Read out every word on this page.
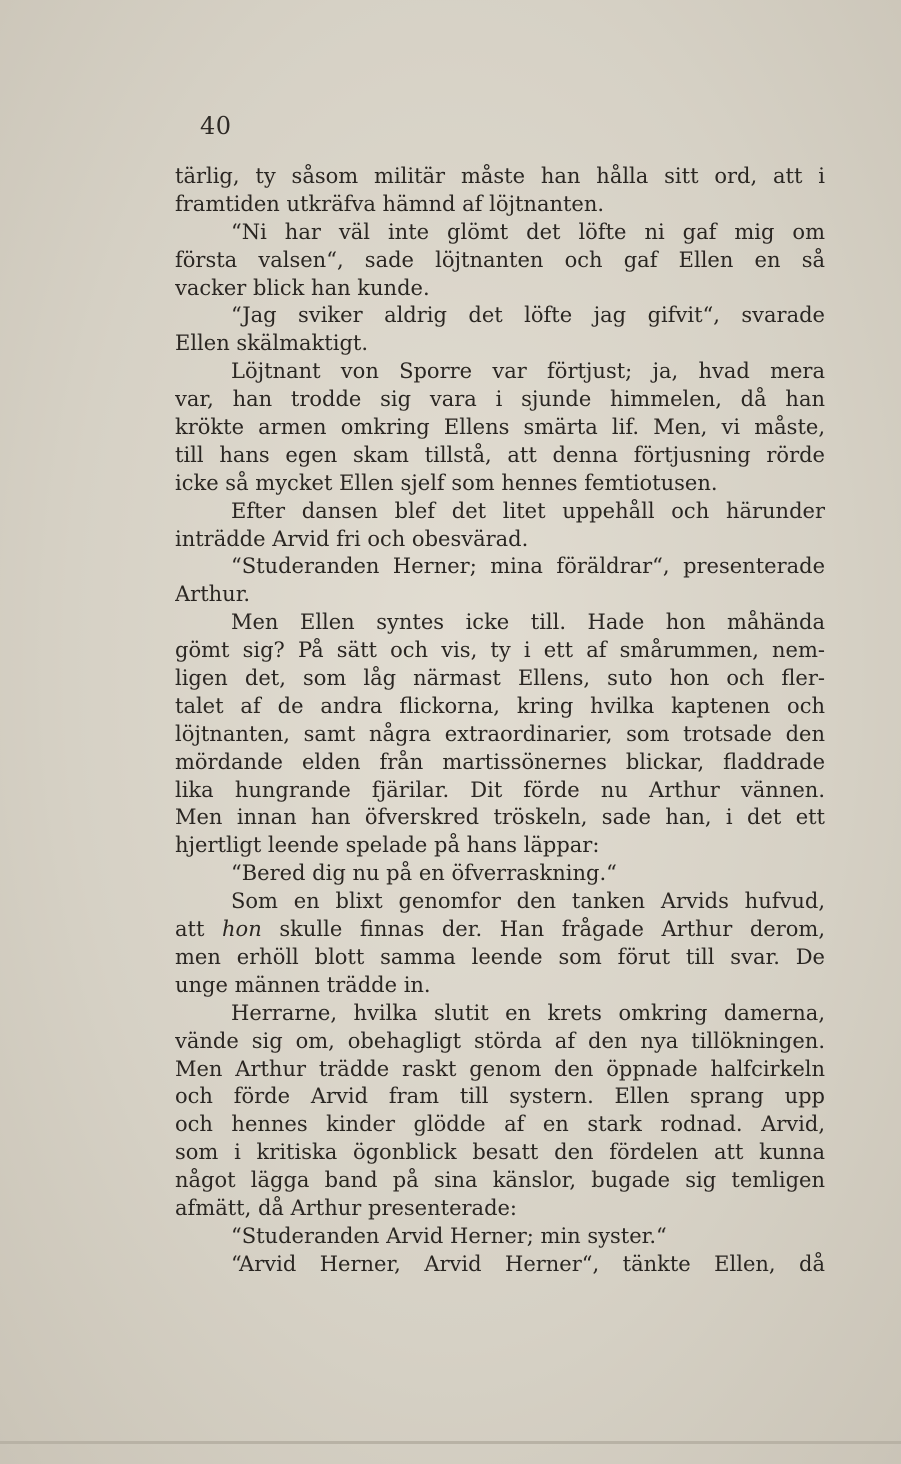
40
tärlig, ty såsom militär måste han hålla sitt ord, att i
framtiden utkräfva hämnd af löjtnanten.
“Ni har väl inte glömt det löfte ni gaf mig om
första valsen“, sade löjtnanten och gaf Ellen en så
vacker blick han kunde.
“Jag sviker aldrig det löfte jag gifvit“, svarade
Ellen skälmaktigt.
Löjtnant von Sporre var förtjust; ja, hvad mera
var, han trodde sig vara i sjunde himmelen, då han
krökte armen omkring Ellens smärta lif. Men, vi måste,
till hans egen skam tillstå, att denna förtjusning rörde
icke så mycket Ellen sjelf som hennes femtiotusen.
Efter dansen blef det litet uppehåll och härunder
inträdde Arvid fri och obesvärad.
“Studeranden Herner; mina föräldrar“, presenterade
Arthur.
Men Ellen syntes icke till. Hade hon måhända
gömt sig? På sätt och vis, ty i ett af smårummen, nem-
ligen det, som låg närmast Ellens, suto hon och fler-
talet af de andra flickorna, kring hvilka kaptenen och
löjtnanten, samt några extraordinarier, som trotsade den
mördande elden från martissönernes blickar, fladdrade
lika hungrande fjärilar. Dit förde nu Arthur vännen.
Men innan han öfverskred tröskeln, sade han, i det ett
hjertligt leende spelade på hans läppar:
“Bered dig nu på en öfverraskning.“
Som en blixt genomfor den tanken Arvids hufvud,
att hon skulle finnas der. Han frågade Arthur derom,
men erhöll blott samma leende som förut till svar. De
unge männen trädde in.
Herrarne, hvilka slutit en krets omkring damerna,
vände sig om, obehagligt störda af den nya tillökningen.
Men Arthur trädde raskt genom den öppnade halfcirkeln
och förde Arvid fram till systern. Ellen sprang upp
och hennes kinder glödde af en stark rodnad. Arvid,
som i kritiska ögonblick besatt den fördelen att kunna
något lägga band på sina känslor, bugade sig temligen
afmätt, då Arthur presenterade:
“Studeranden Arvid Herner; min syster.“
“Arvid Herner, Arvid Herner“, tänkte Ellen, då
